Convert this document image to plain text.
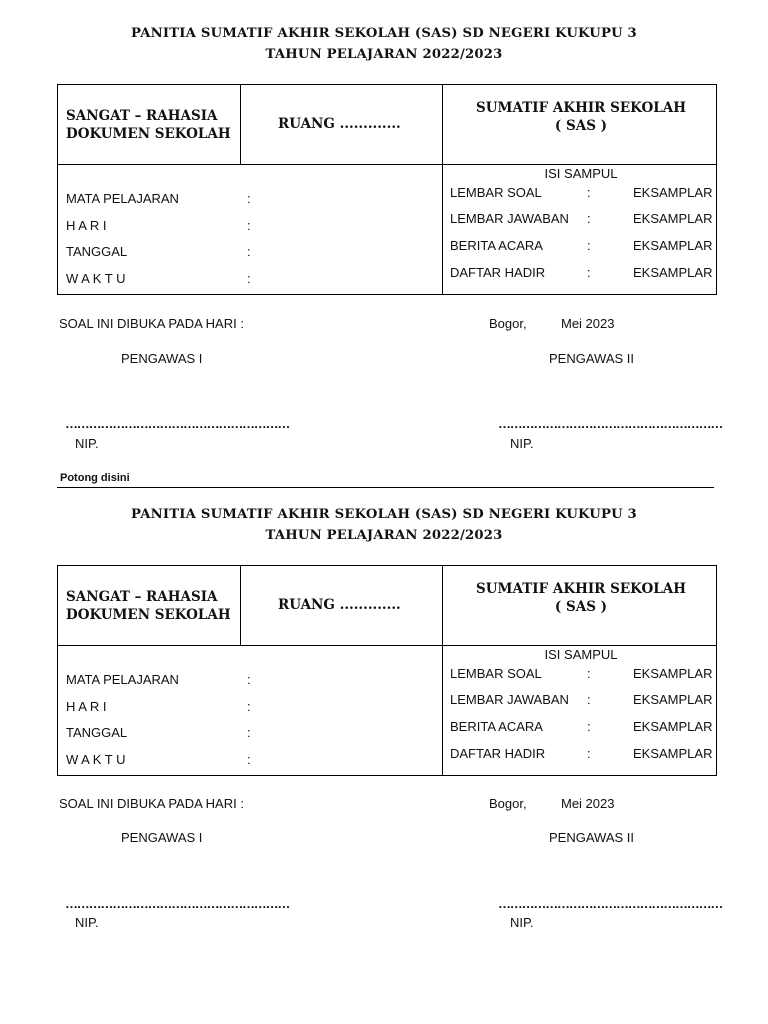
PANITIA SUMATIF AKHIR SEKOLAH (SAS) SD NEGERI KUKUPU 3
TAHUN PELAJARAN 2022/2023
SANGAT – RAHASIA
DOKUMEN SEKOLAH
RUANG .............
SUMATIF AKHIR SEKOLAH
( SAS )
MATA PELAJARAN	:
H A R I	:
TANGGAL	:
W A K T U	:
ISI SAMPUL
LEMBAR SOAL	:	EKSAMPLAR
LEMBAR JAWABAN :	EKSAMPLAR
BERITA ACARA	:	EKSAMPLAR
DAFTAR HADIR	:	EKSAMPLAR
SOAL INI DIBUKA PADA HARI :	Bogor,	Mei 2023
PENGAWAS I	PENGAWAS II
…………………………………………………	…………………………………………………
NIP.	NIP.
Potong disini
PANITIA SUMATIF AKHIR SEKOLAH (SAS) SD NEGERI KUKUPU 3
TAHUN PELAJARAN 2022/2023
SANGAT – RAHASIA
DOKUMEN SEKOLAH
RUANG .............
SUMATIF AKHIR SEKOLAH
( SAS )
MATA PELAJARAN	:
H A R I	:
TANGGAL	:
W A K T U	:
ISI SAMPUL
LEMBAR SOAL	:	EKSAMPLAR
LEMBAR JAWABAN :	EKSAMPLAR
BERITA ACARA	:	EKSAMPLAR
DAFTAR HADIR	:	EKSAMPLAR
SOAL INI DIBUKA PADA HARI :	Bogor,	Mei 2023
PENGAWAS I	PENGAWAS II
…………………………………………………	…………………………………………………
NIP.	NIP.
